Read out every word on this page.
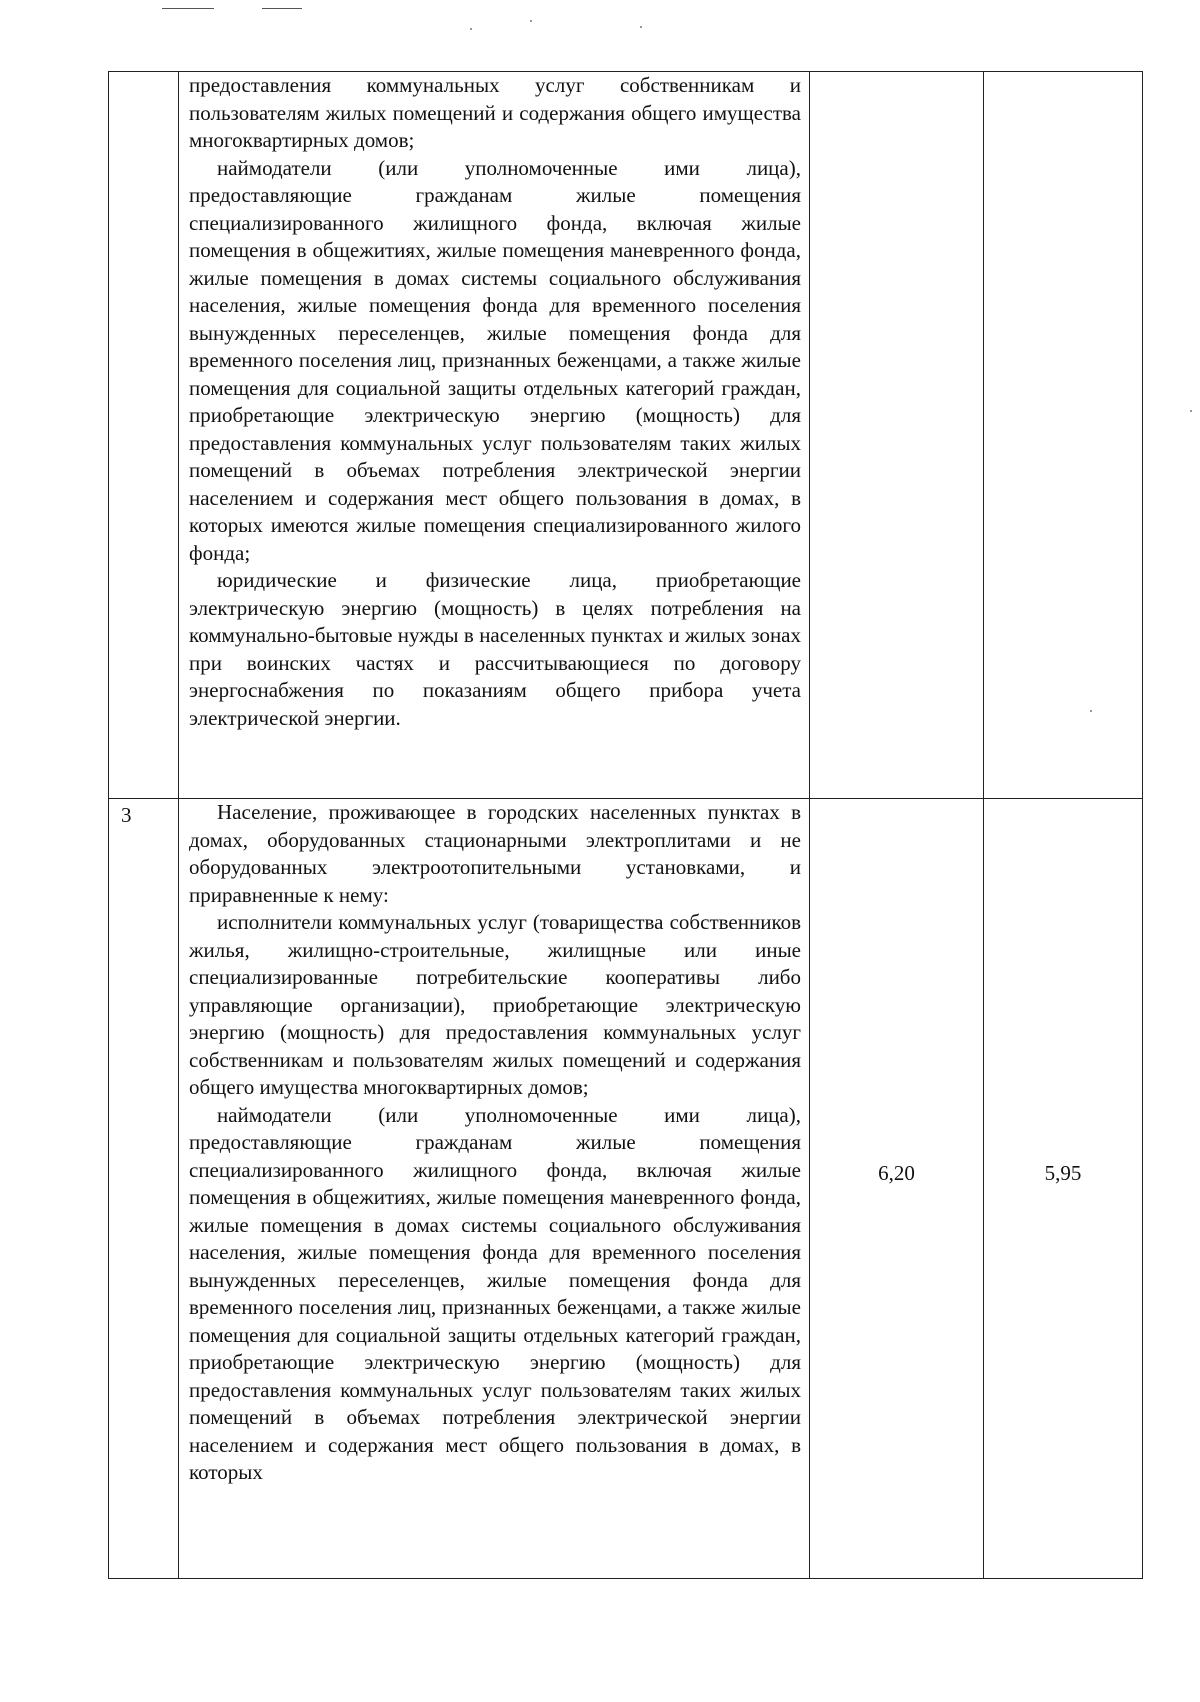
	предоставления коммунальных услуг собственникам и пользователям жилых помещений и содержания общего имущества многоквартирных домов;

наймодатели (или уполномоченные ими лица), предоставляющие гражданам жилые помещения специализированного жилищного фонда, включая жилые помещения в общежитиях, жилые помещения маневренного фонда, жилые помещения в домах системы социального обслуживания населения, жилые помещения фонда для временного поселения вынужденных переселенцев, жилые помещения фонда для временного поселения лиц, признанных беженцами, а также жилые помещения для социальной защиты отдельных категорий граждан, приобретающие электрическую энергию (мощность) для предоставления коммунальных услуг пользователям таких жилых помещений в объемах потребления электрической энергии населением и содержания мест общего пользования в домах, в которых имеются жилые помещения специализированного жилого фонда;

юридические и физические лица, приобретающие электрическую энергию (мощность) в целях потребления на коммунально-бытовые нужды в населенных пунктах и жилых зонах при воинских частях и рассчитывающиеся по договору энергоснабжения по показаниям общего прибора учета электрической энергии.		

3	Население, проживающее в городских населенных пунктах в домах, оборудованных стационарными электроплитами и не оборудованных электроотопительными установками, и приравненные к нему:

исполнители коммунальных услуг (товарищества собственников жилья, жилищно-строительные, жилищные или иные специализированные потребительские кооперативы либо управляющие организации), приобретающие электрическую энергию (мощность) для предоставления коммунальных услуг собственникам и пользователям жилых помещений и содержания общего имущества многоквартирных домов;

наймодатели (или уполномоченные ими лица), предоставляющие гражданам жилые помещения специализированного жилищного фонда, включая жилые помещения в общежитиях, жилые помещения маневренного фонда, жилые помещения в домах системы социального обслуживания населения, жилые помещения фонда для временного поселения вынужденных переселенцев, жилые помещения фонда для временного поселения лиц, признанных беженцами, а также жилые помещения для социальной защиты отдельных категорий граждан, приобретающие электрическую энергию (мощность) для предоставления коммунальных услуг пользователям таких жилых помещений в объемах потребления электрической энергии населением и содержания мест общего пользования в домах, в которых	6,20	5,95
